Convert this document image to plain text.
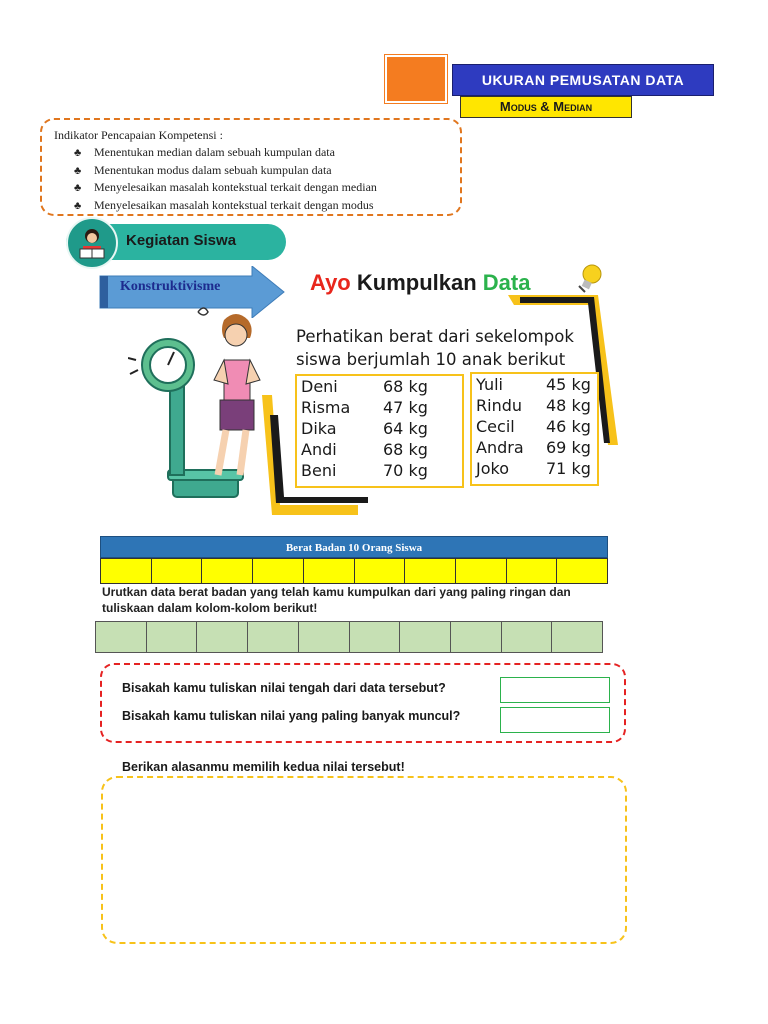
UKURAN PEMUSATAN DATA
Modus & Median
Indikator Pencapaian Kompetensi :
♣ Menentukan median dalam sebuah kumpulan data
♣ Menentukan modus dalam sebuah kumpulan data
♣ Menyelesaikan masalah kontekstual terkait dengan median
♣ Menyelesaikan masalah kontekstual terkait dengan modus
Kegiatan Siswa
Konstruktivisme	Ayo Kumpulkan Data
Perhatikan berat dari sekelompok
siswa berjumlah 10 anak berikut
Deni	68 kg
Risma	47 kg
Dika	64 kg
Andi	68 kg
Beni	70 kg
Yuli	45 kg
Rindu	48 kg
Cecil	46 kg
Andra	69 kg
Joko	71 kg
Berat Badan 10 Orang Siswa
Urutkan data berat badan yang telah kamu kumpulkan dari yang paling ringan dan
tuliskaan dalam kolom-kolom berikut!
Bisakah kamu tuliskan nilai tengah dari data tersebut?
Bisakah kamu tuliskan nilai yang paling banyak muncul?
Berikan alasanmu memilih kedua nilai tersebut!
